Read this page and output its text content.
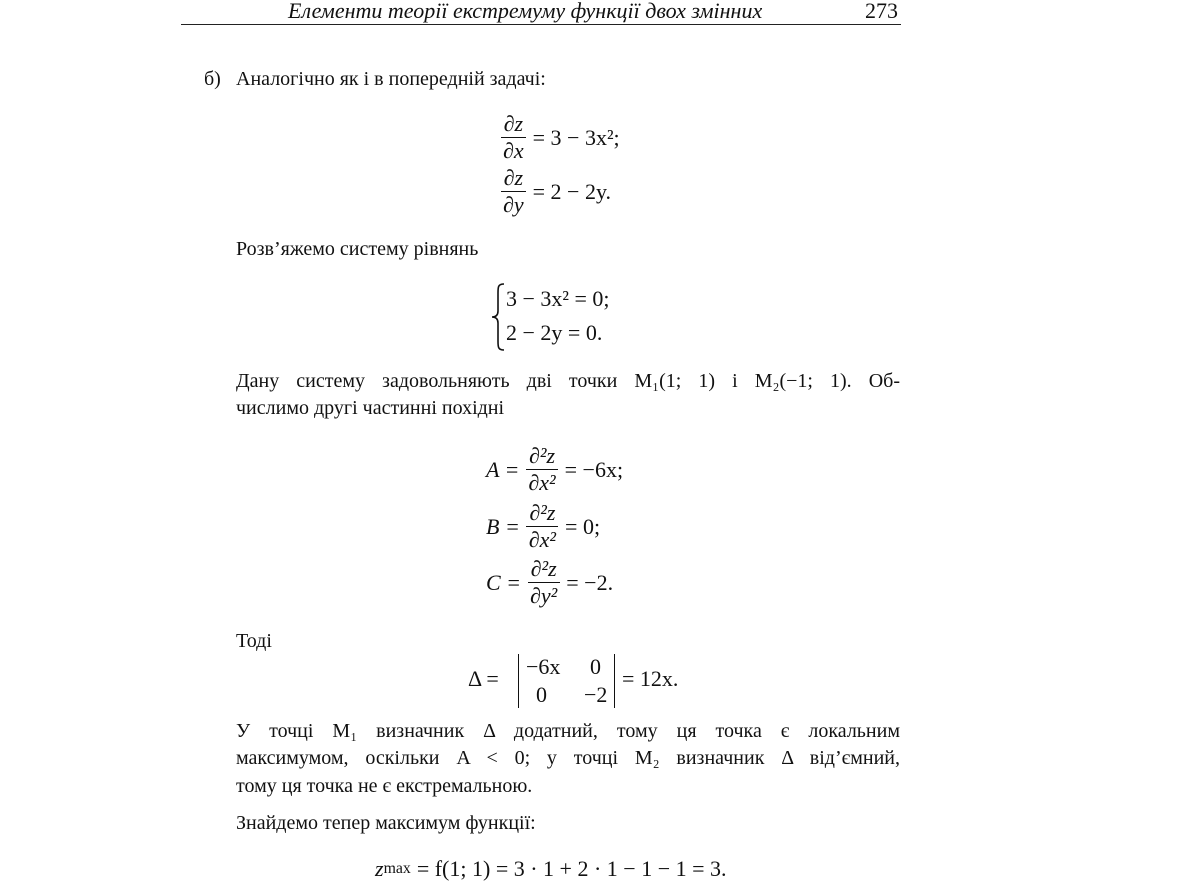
Елементи теорії екстремуму функції двох змінних	273
б) Аналогічно як і в попередній задачі:
$\frac{\partial z}{\partial x} = 3 - 3x^2$;
$\frac{\partial z}{\partial y} = 2 - 2y$.
Розв’яжемо систему рівнянь
3 − 3x² = 0;
2 − 2y = 0.
Дану систему задовольняють дві точки M₁(1; 1) і M₂(−1; 1). Об-
числимо другі частинні похідні
$A = \frac{\text{∂²z}}{\text{∂x²}} = -6x$;
$B = \frac{\text{∂²z}}{\text{∂x²}} = 0$;
$C = \frac{\text{∂²z}}{\text{∂y²}} = -2$.
Тоді
Δ = −6x 0
0 −2
= 12x.
У точці M₁ визначник Δ додатний, тому ця точка є локальним
максимумом, оскільки A < 0; у точці M₂ визначник Δ від’ємний,
тому ця точка не є екстремальною.
Знайдемо тепер максимум функції:
z max = f(1; 1) = 3 · 1 + 2 · 1 − 1 − 1 = 3.
